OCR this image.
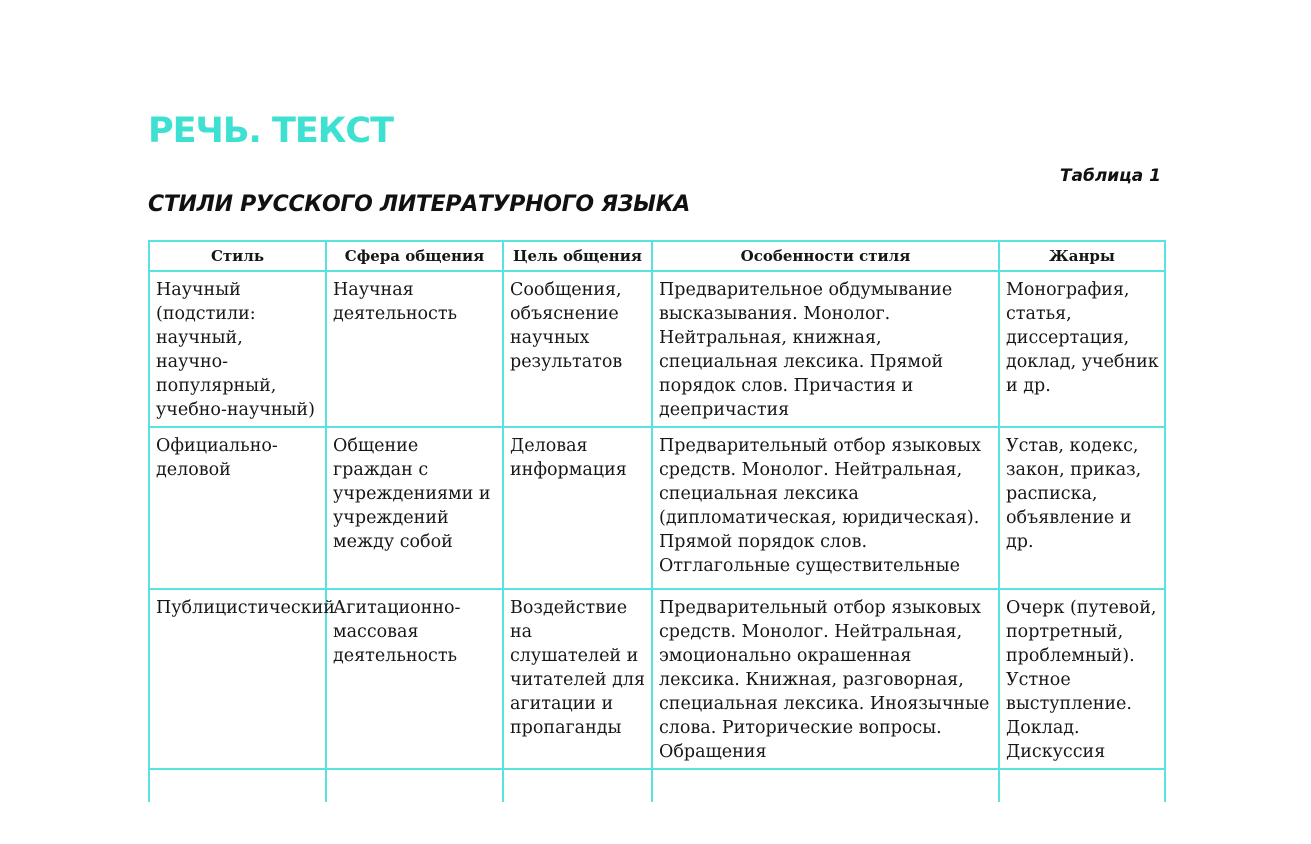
РЕЧЬ. ТЕКСТ
Таблица 1
СТИЛИ РУССКОГО ЛИТЕРАТУРНОГО ЯЗЫКА
Стиль	Сфера общения	Цель общения	Особенности стиля	Жанры

Научный (подстили: научный, научно-популярный, учебно-научный)	Научная деятельность	Сообщения, объяснение научных результатов	Предварительное обдумывание высказывания. Монолог. Нейтральная, книжная, специальная лексика. Прямой порядок слов. Причастия и деепричастия	Монография, статья, диссертация, доклад, учебник и др.

Официально-деловой	Общение граждан с учреждениями и учреждений между собой	Деловая информация	Предварительный отбор языковых средств. Монолог. Нейтральная, специальная лексика (дипломатическая, юридическая). Прямой порядок слов. Отглагольные существительные	Устав, кодекс, закон, приказ, расписка, объявление и др.

Публицистический	Агитационно-массовая деятельность	Воздействие на слушателей и читателей для агитации и пропаганды	Предварительный отбор языковых средств. Монолог. Нейтральная, эмоционально окрашенная лексика. Книжная, разговорная, специальная лексика. Иноязычные слова. Риторические вопросы. Обращения	Очерк (путевой, портретный, проблемный). Устное выступление. Доклад. Дискуссия
